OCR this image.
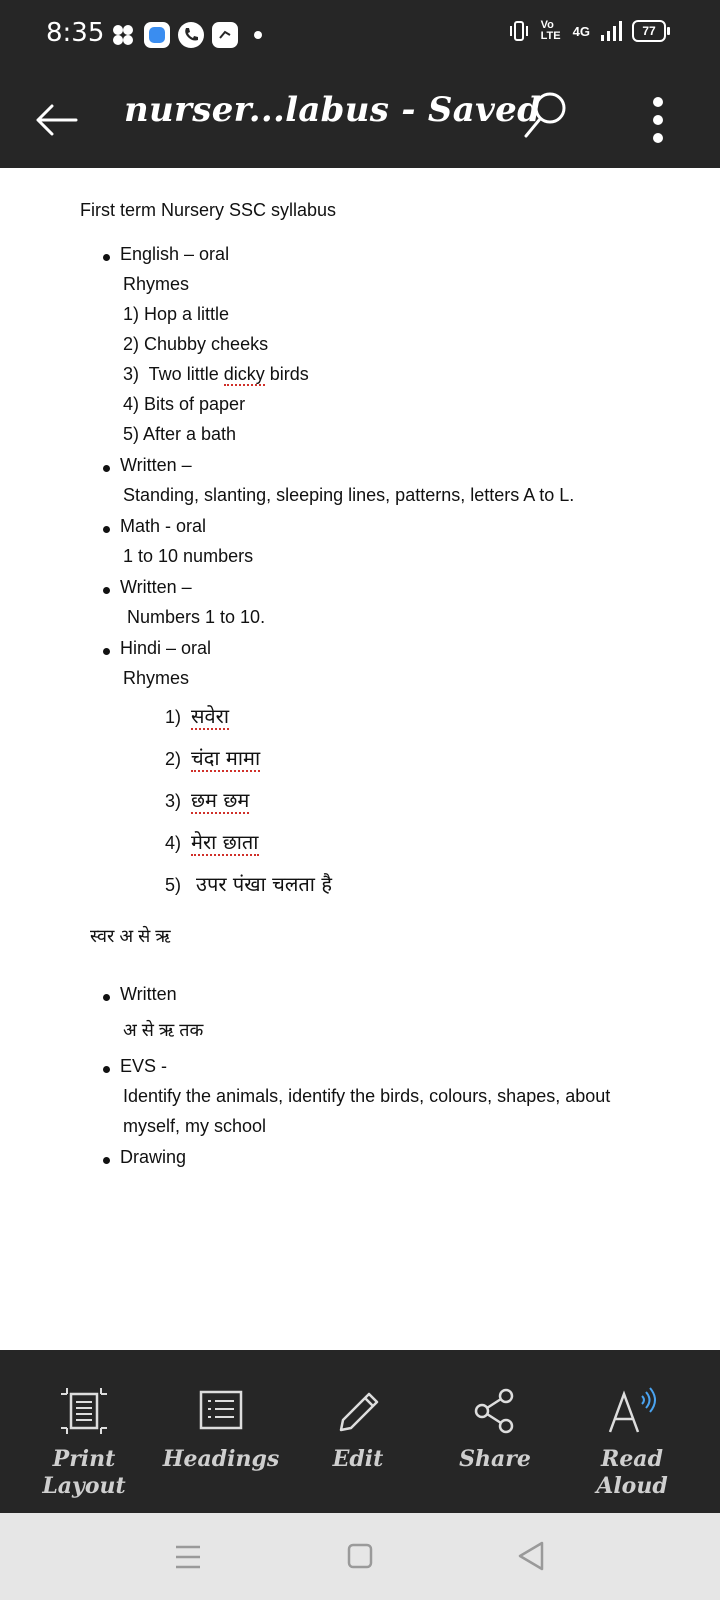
8:35	Vo LTE 4G	77
nurser...labus - Saved
First term Nursery SSC syllabus
English – oral
Rhymes
1) Hop a little
2) Chubby cheeks
3)  Two little dicky birds
4) Bits of paper
5) After a bath
Written –
Standing, slanting, sleeping lines, patterns, letters A to L.
Math - oral
1 to 10 numbers
Written –
Numbers 1 to 10.
Hindi – oral
Rhymes
1) सवेरा
2) चंदा मामा
3) छम छम
4) मेरा छाता
5) उपर पंखा चलता है
स्वर अ से ऋ
Written
अ से ऋ तक
EVS -
Identify the animals, identify the birds, colours, shapes, about
myself, my school
Drawing
Print
Layout
Headings	Edit	Share	Read
Aloud
